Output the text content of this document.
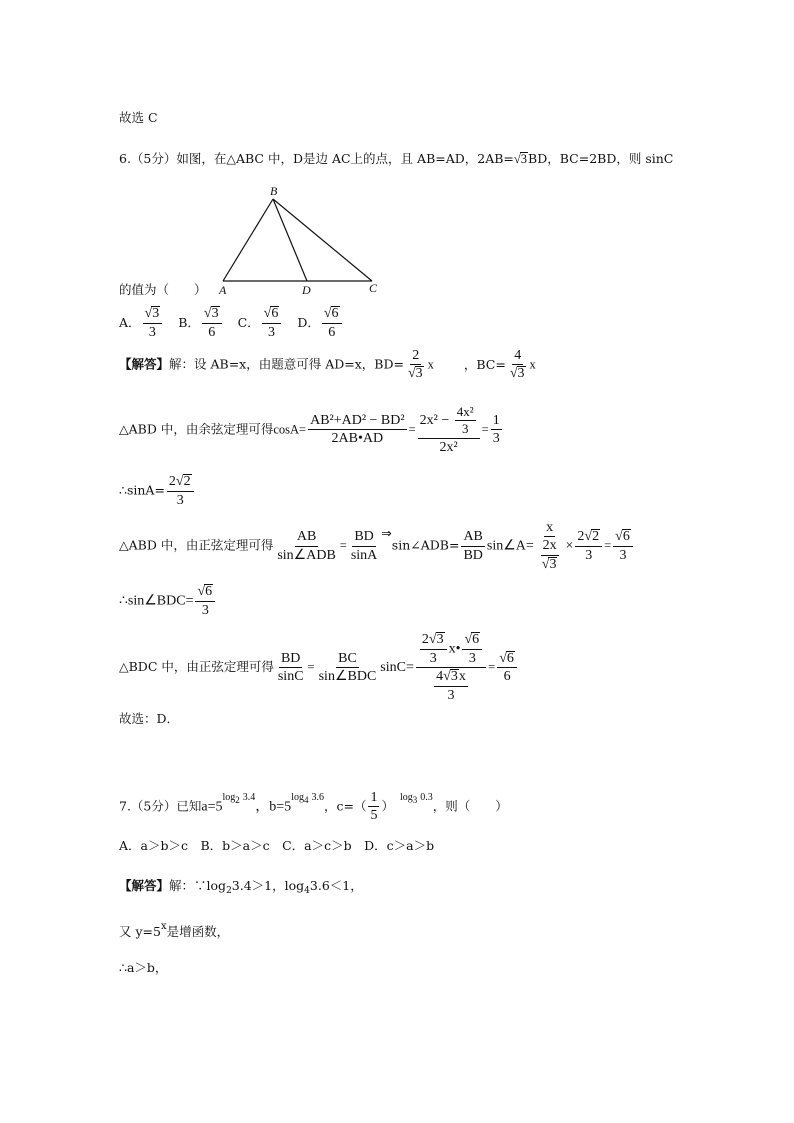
故选 C
6.（5分）如图，在△ABC 中，D是边 AC上的点，且 AB=AD，2AB=√3BD，BC=2BD，则 sinC
B
A	D	C
的值为（　　）
A． $\frac{√3}{3}$ B． $\frac{√3}{6}$ C． $\frac{√6}{3}$ D． $\frac{√6}{6}$
【解答】解：设 AB=x，由题意可得 AD=x，$BD= \frac{2}{√3}$ x ，$BC= \frac{4}{√3}$ x
△ABD 中，由余弦定理可得$\cos A= \frac{\text{AB²+AD² − BD²}}{2AB•AD} = \frac{2x^2 - \frac{\text{4x²}}{3}}{\text{2x²}} = \frac{1}{3}$
∴sinA= $\frac{2√2}{3}$
△ABD 中，由正弦定理可得 $\frac{AB}{\text{sin∠ADB}} = \frac{BD}{\sin A}$ ⇒sin∠ADB= $\frac{AB}{BD}$ sin∠A= $\frac{x}{\frac{2x}{√3}} \times \frac{2√2}{3} = \frac{√6}{3}$
∴sin∠BDC= $\frac{√6}{3}$
△BDC 中，由正弦定理可得 $\frac{BD}{\sin C} = \frac{BC}{\text{sin∠BDC}} \sin C= \frac{\frac{2√3}{3} x• \frac{√6}{3}}{\frac{4√3x}{3}} = \frac{√6}{6}$
故选：D．
7.（5分）已知$a=5^{log2 3.4}$，$b=5^{log4 3.6}$，$c=( \frac{1}{5} )^{log3 0.3}$，则（　　）
A．a＞b＞c　B．b＞a＞c　C．a＞c＞b　D．c＞a＞b
【解答】解：$\because\log_23.4>1$，$\log_43.6<1$，
又 $y=5^x$是增函数，
∴a＞b，
